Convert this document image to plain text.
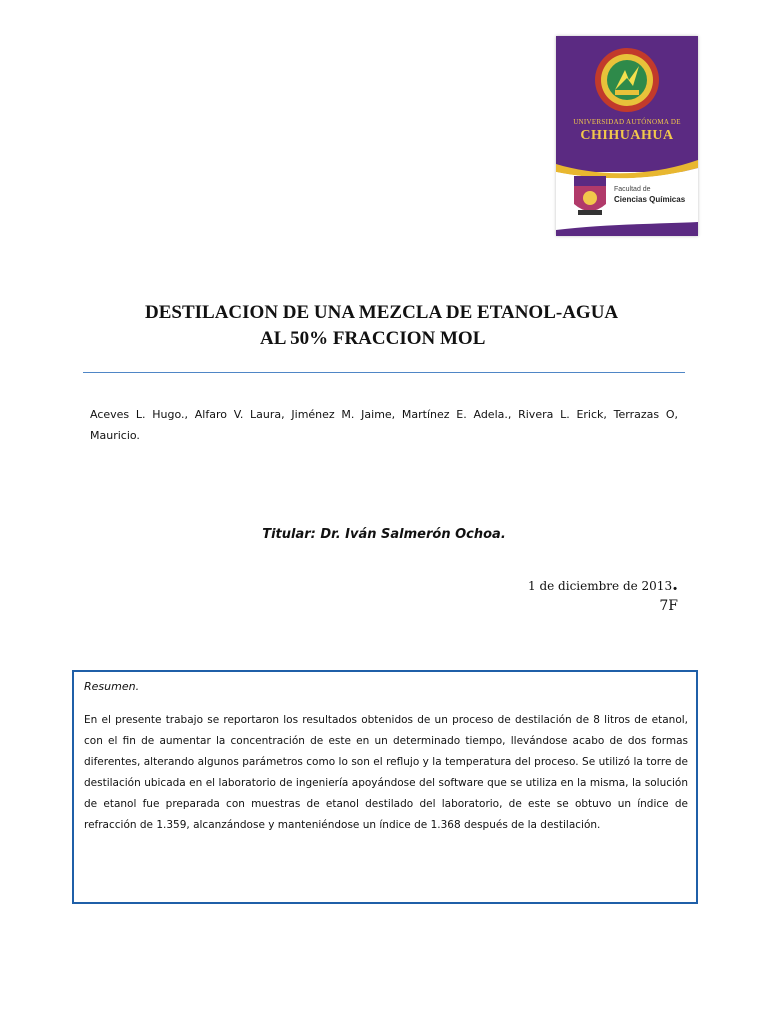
UNIVERSIDAD AUTÓNOMA DE
CHIHUAHUA
Facultad de
Ciencias Químicas
DESTILACION DE UNA MEZCLA DE ETANOL-AGUA
AL 50% FRACCION MOL
Aceves L. Hugo., Alfaro V. Laura, Jiménez M. Jaime, Martínez E. Adela., Rivera L. Erick, Terrazas O, Mauricio.
Titular: Dr. Iván Salmerón Ochoa.
1 de diciembre de 2013.
7F
Resumen.
En el presente trabajo se reportaron los resultados obtenidos de un proceso de destilación de 8 litros de etanol, con el fin de aumentar la concentración de este en un determinado tiempo, llevándose acabo de dos formas diferentes, alterando algunos parámetros como lo son el reflujo y la temperatura del proceso. Se utilizó la torre de destilación ubicada en el laboratorio de ingeniería apoyándose del software que se utiliza en la misma, la solución de etanol fue preparada con muestras de etanol destilado del laboratorio, de este se obtuvo un índice de refracción de 1.359, alcanzándose y manteniéndose un índice de 1.368 después de la destilación.
